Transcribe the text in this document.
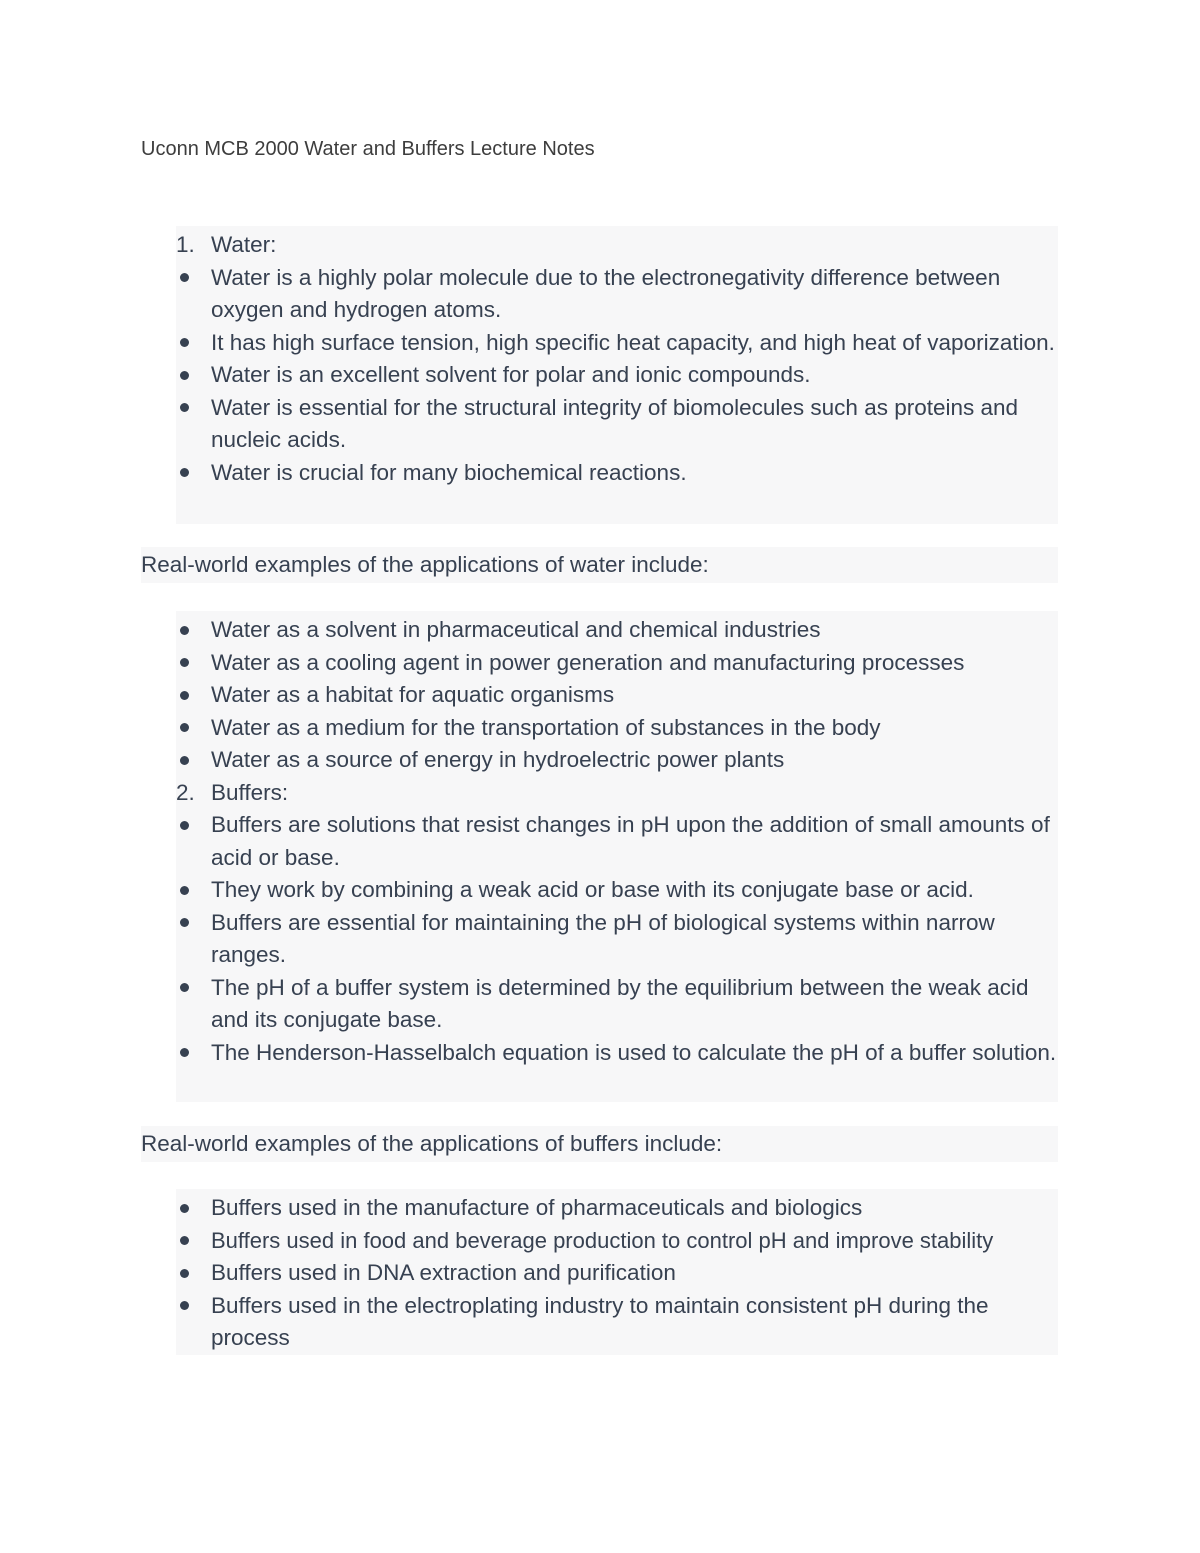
Uconn MCB 2000 Water and Buffers Lecture Notes
1. Water:
Water is a highly polar molecule due to the electronegativity difference between oxygen and hydrogen atoms.
It has high surface tension, high specific heat capacity, and high heat of vaporization.
Water is an excellent solvent for polar and ionic compounds.
Water is essential for the structural integrity of biomolecules such as proteins and nucleic acids.
Water is crucial for many biochemical reactions.
Real-world examples of the applications of water include:
Water as a solvent in pharmaceutical and chemical industries
Water as a cooling agent in power generation and manufacturing processes
Water as a habitat for aquatic organisms
Water as a medium for the transportation of substances in the body
Water as a source of energy in hydroelectric power plants
2. Buffers:
Buffers are solutions that resist changes in pH upon the addition of small amounts of acid or base.
They work by combining a weak acid or base with its conjugate base or acid.
Buffers are essential for maintaining the pH of biological systems within narrow ranges.
The pH of a buffer system is determined by the equilibrium between the weak acid and its conjugate base.
The Henderson-Hasselbalch equation is used to calculate the pH of a buffer solution.
Real-world examples of the applications of buffers include:
Buffers used in the manufacture of pharmaceuticals and biologics
Buffers used in food and beverage production to control pH and improve stability
Buffers used in DNA extraction and purification
Buffers used in the electroplating industry to maintain consistent pH during the process
